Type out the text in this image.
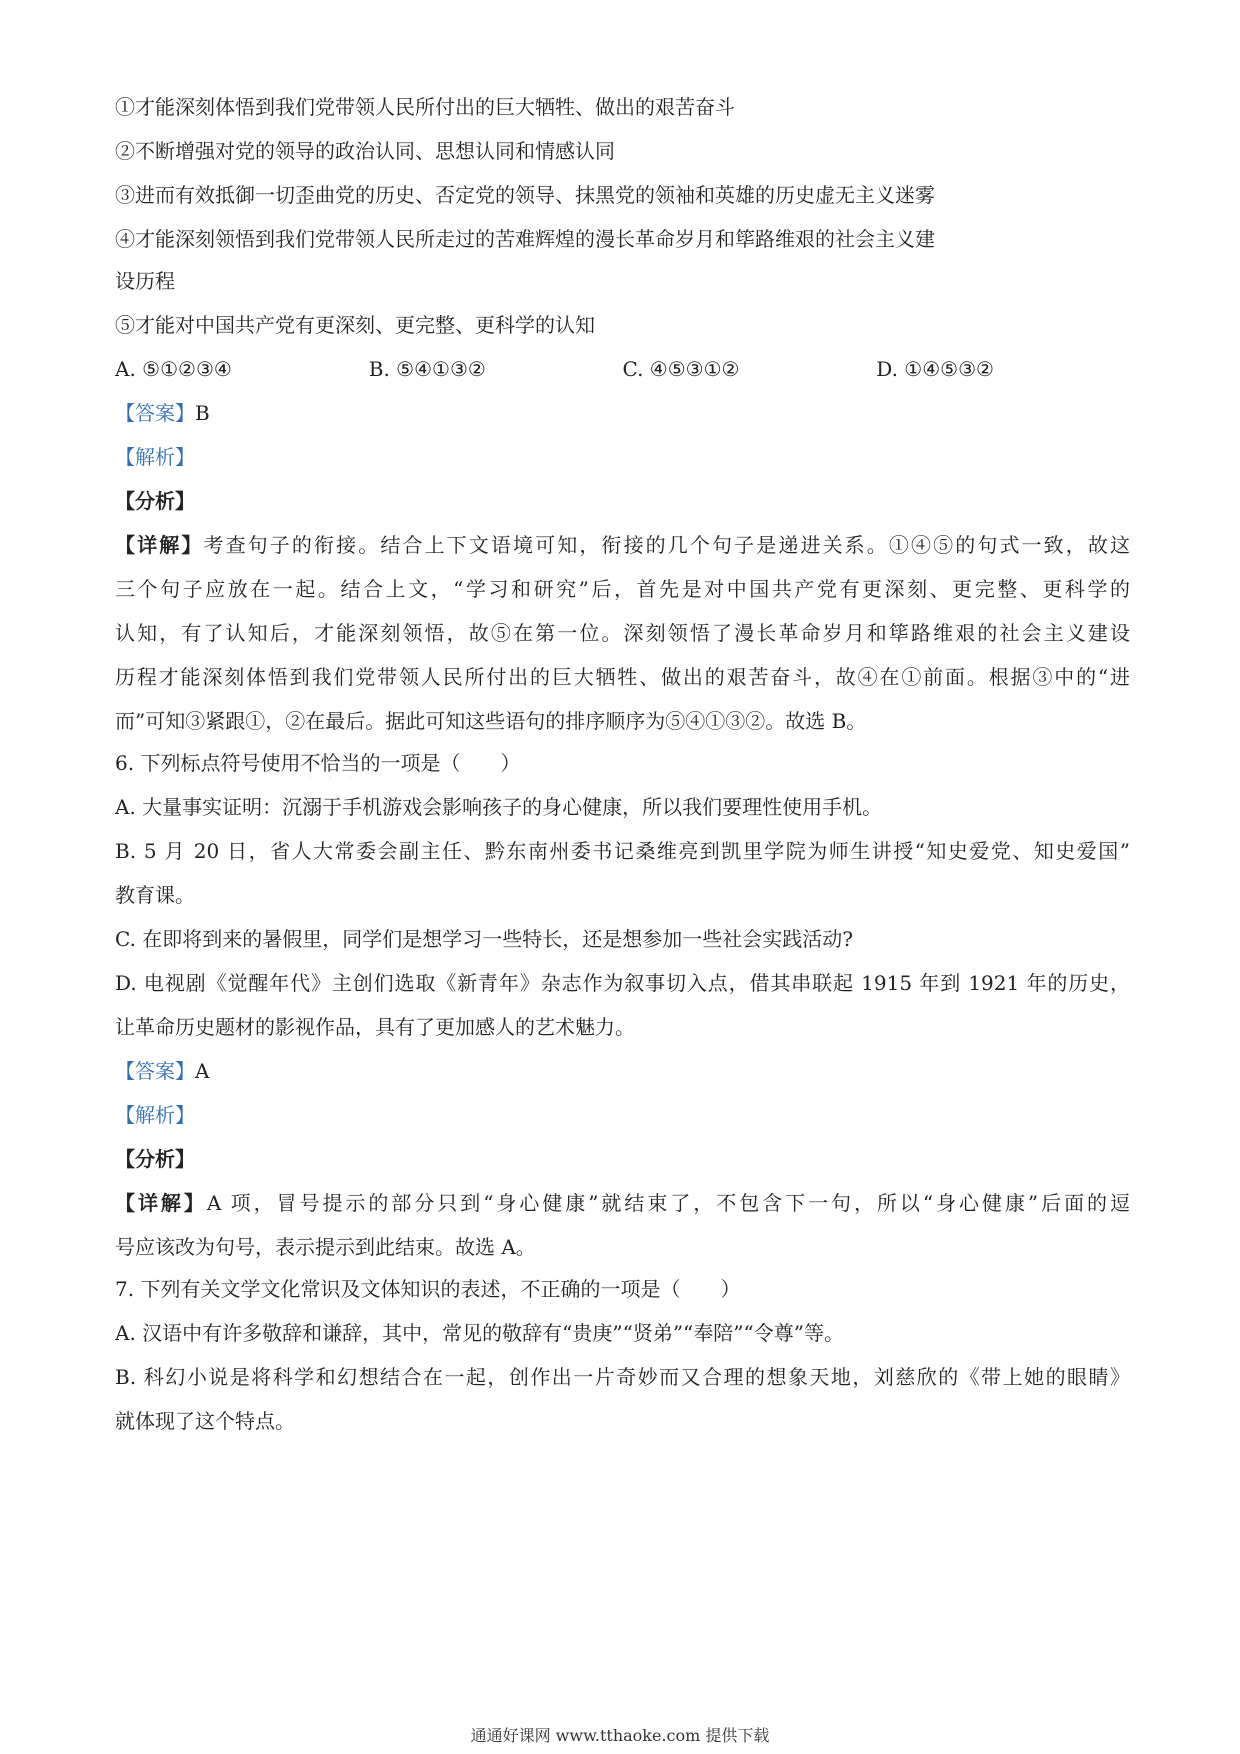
①才能深刻体悟到我们党带领人民所付出的巨大牺牲、做出的艰苦奋斗
②不断增强对党的领导的政治认同、思想认同和情感认同
③进而有效抵御一切歪曲党的历史、否定党的领导、抹黑党的领袖和英雄的历史虚无主义迷雾
④才能深刻领悟到我们党带领人民所走过的苦难辉煌的漫长革命岁月和筚路维艰的社会主义建
设历程
⑤才能对中国共产党有更深刻、更完整、更科学的认知
A. ⑤①②③④	B. ⑤④①③②	C. ④⑤③①②	D. ①④⑤③②
【答案】B
【解析】
【分析】
【详解】考查句子的衔接。结合上下文语境可知，衔接的几个句子是递进关系。①④⑤的句式一致，故这
三个句子应放在一起。结合上文，“学习和研究”后，首先是对中国共产党有更深刻、更完整、更科学的
认知，有了认知后，才能深刻领悟，故⑤在第一位。深刻领悟了漫长革命岁月和筚路维艰的社会主义建设
历程才能深刻体悟到我们党带领人民所付出的巨大牺牲、做出的艰苦奋斗，故④在①前面。根据③中的“进
而”可知③紧跟①，②在最后。据此可知这些语句的排序顺序为⑤④①③②。故选 B。
6. 下列标点符号使用不恰当的一项是（　　）
A. 大量事实证明：沉溺于手机游戏会影响孩子的身心健康，所以我们要理性使用手机。
B. 5 月 20 日，省人大常委会副主任、黔东南州委书记桑维亮到凯里学院为师生讲授“知史爱党、知史爱国”
教育课。
C. 在即将到来的暑假里，同学们是想学习一些特长，还是想参加一些社会实践活动?
D. 电视剧《觉醒年代》主创们选取《新青年》杂志作为叙事切入点，借其串联起 1915 年到 1921 年的历史，
让革命历史题材的影视作品，具有了更加感人的艺术魅力。
【答案】A
【解析】
【分析】
【详解】A 项，冒号提示的部分只到“身心健康”就结束了，不包含下一句，所以“身心健康”后面的逗
号应该改为句号，表示提示到此结束。故选 A。
7. 下列有关文学文化常识及文体知识的表述，不正确的一项是（　　）
A. 汉语中有许多敬辞和谦辞，其中，常见的敬辞有“贵庚”“贤弟”“奉陪”“令尊”等。
B. 科幻小说是将科学和幻想结合在一起，创作出一片奇妙而又合理的想象天地，刘慈欣的《带上她的眼睛》
就体现了这个特点。
通通好课网 www.tthaoke.com 提供下载
